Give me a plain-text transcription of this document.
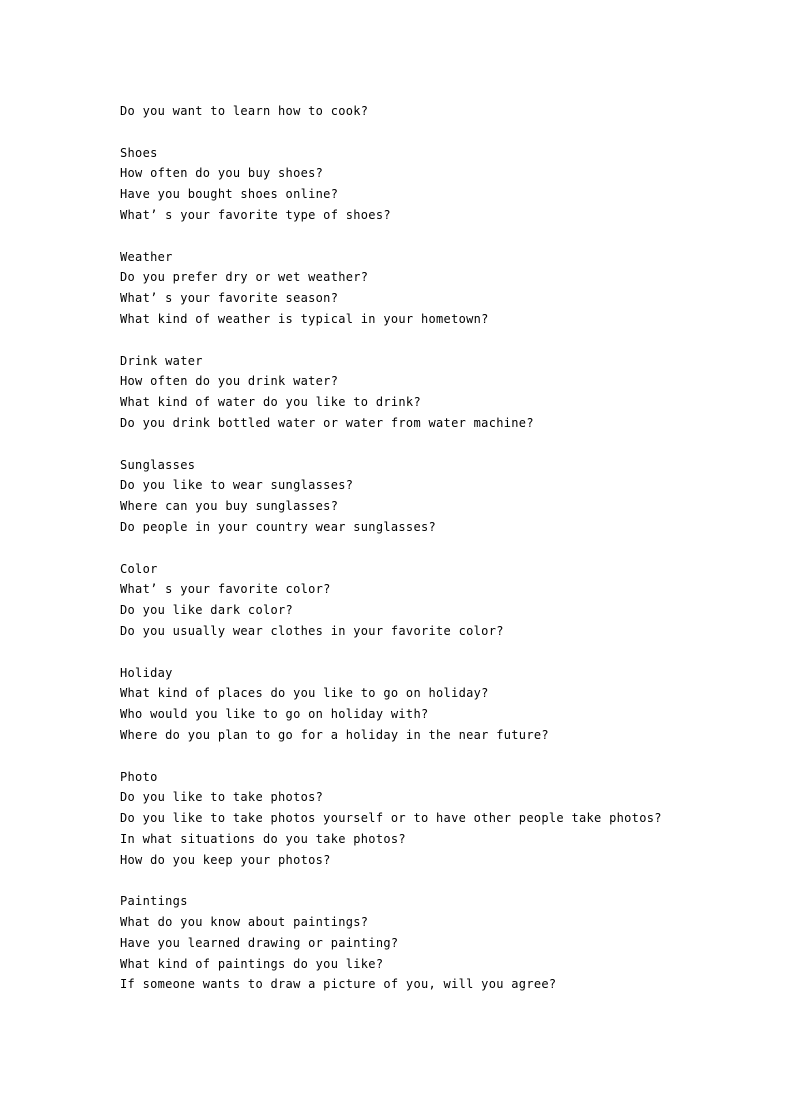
Do you want to learn how to cook?
Shoes
How often do you buy shoes?
Have you bought shoes online?
What’ s your favorite type of shoes?
Weather
Do you prefer dry or wet weather?
What’ s your favorite season?
What kind of weather is typical in your hometown?
Drink water
How often do you drink water?
What kind of water do you like to drink?
Do you drink bottled water or water from water machine?
Sunglasses
Do you like to wear sunglasses?
Where can you buy sunglasses?
Do people in your country wear sunglasses?
Color
What’ s your favorite color?
Do you like dark color?
Do you usually wear clothes in your favorite color?
Holiday
What kind of places do you like to go on holiday?
Who would you like to go on holiday with?
Where do you plan to go for a holiday in the near future?
Photo
Do you like to take photos?
Do you like to take photos yourself or to have other people take photos?
In what situations do you take photos?
How do you keep your photos?
Paintings
What do you know about paintings?
Have you learned drawing or painting?
What kind of paintings do you like?
If someone wants to draw a picture of you, will you agree?
